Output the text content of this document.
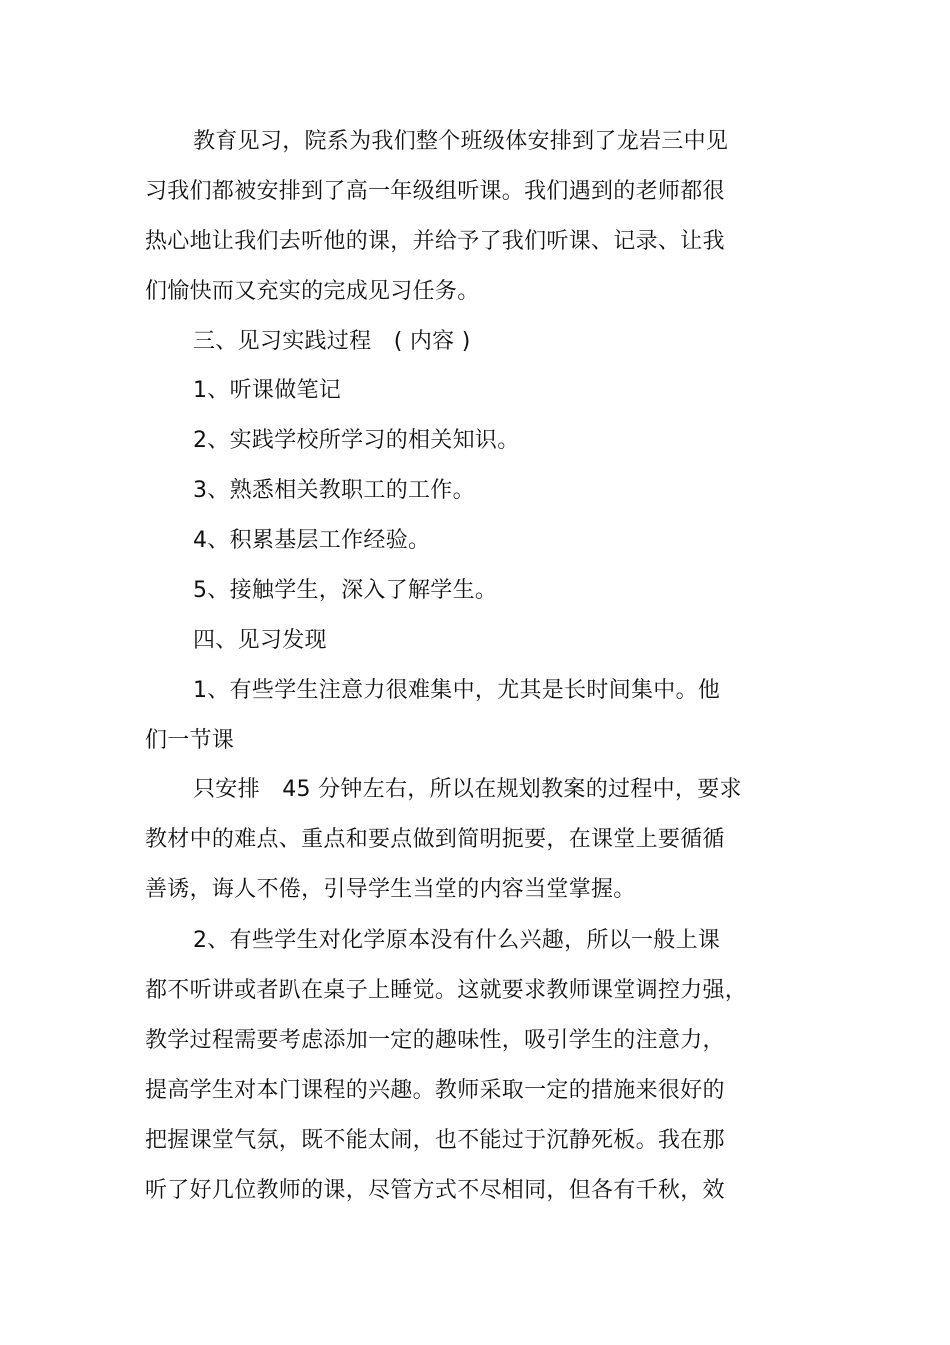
教育见习，院系为我们整个班级体安排到了龙岩三中见
习我们都被安排到了高一年级组听课。我们遇到的老师都很
热心地让我们去听他的课，并给予了我们听课、记录、让我
们愉快而又充实的完成见习任务。
三、见习实践过程　( 内容 )
1、听课做笔记
2、实践学校所学习的相关知识。
3、熟悉相关教职工的工作。
4、积累基层工作经验。
5、接触学生，深入了解学生。
四、见习发现
1、有些学生注意力很难集中，尤其是长时间集中。他
们一节课
只安排　45 分钟左右，所以在规划教案的过程中，要求
教材中的难点、重点和要点做到简明扼要，在课堂上要循循
善诱，诲人不倦，引导学生当堂的内容当堂掌握。
2、有些学生对化学原本没有什么兴趣，所以一般上课
都不听讲或者趴在桌子上睡觉。这就要求教师课堂调控力强，
教学过程需要考虑添加一定的趣味性，吸引学生的注意力，
提高学生对本门课程的兴趣。教师采取一定的措施来很好的
把握课堂气氛，既不能太闹，也不能过于沉静死板。我在那
听了好几位教师的课，尽管方式不尽相同，但各有千秋，效
